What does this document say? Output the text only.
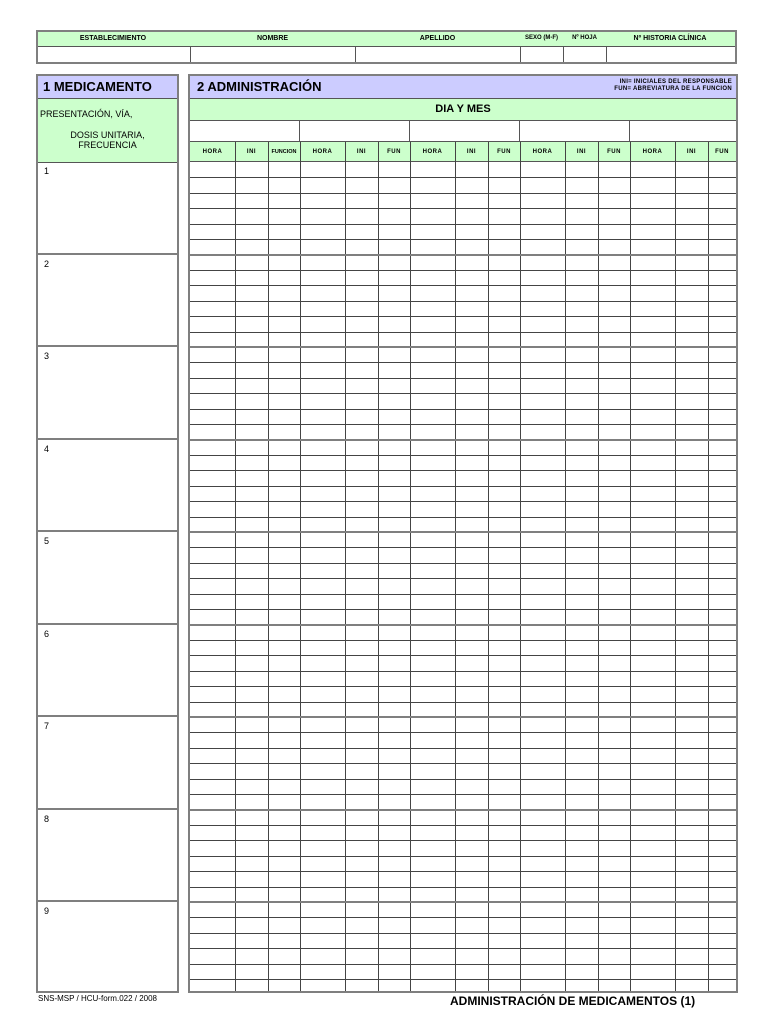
ESTABLECIMIENTO	NOMBRE	APELLIDO	SEXO (M-F)	Nº HOJA	Nº HISTORIA CLÍNICA
1 MEDICAMENTO
PRESENTACIÓN, VÍA,
DOSIS UNITARIA,
FRECUENCIA
1
2
3
4
5
6
7
8
9
2 ADMINISTRACIÓN	INI= INICIALES DEL RESPONSABLE
FUN= ABREVIATURA DE LA FUNCION
DIA Y MES
HORA	INI	FUNCION	HORA	INI	FUN	HORA	INI	FUN	HORA	INI	FUN	HORA	INI	FUN
SNS-MSP / HCU-form.022 / 2008	ADMINISTRACIÓN DE MEDICAMENTOS (1)
